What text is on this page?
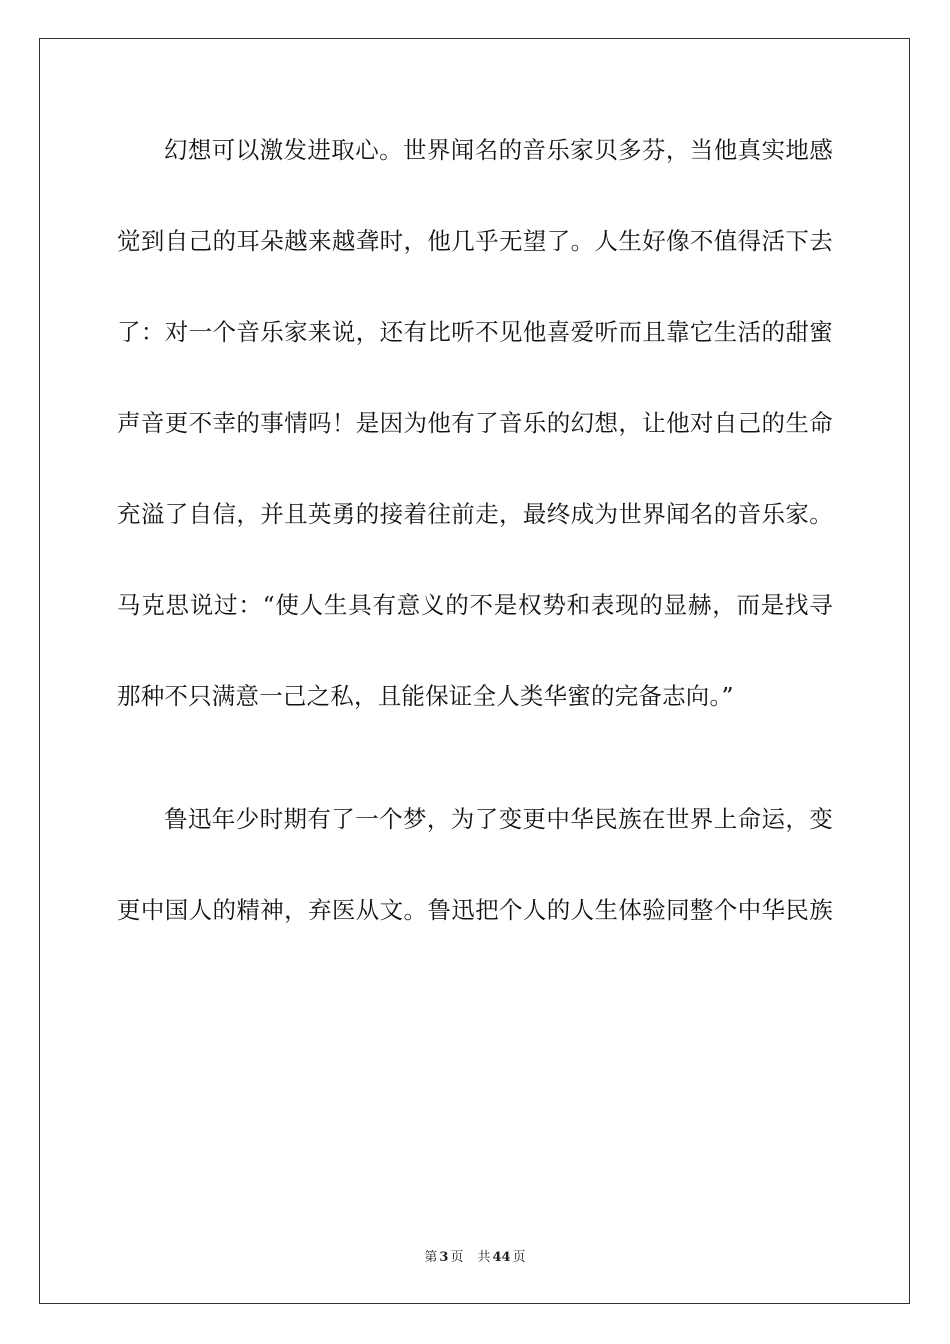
幻想可以激发进取心。世界闻名的音乐家贝多芬，当他真实地感
觉到自己的耳朵越来越聋时，他几乎无望了。人生好像不值得活下去
了：对一个音乐家来说，还有比听不见他喜爱听而且靠它生活的甜蜜
声音更不幸的事情吗！是因为他有了音乐的幻想，让他对自己的生命
充溢了自信，并且英勇的接着往前走，最终成为世界闻名的音乐家。
马克思说过：“使人生具有意义的不是权势和表现的显赫，而是找寻
那种不只满意一己之私，且能保证全人类华蜜的完备志向。”
鲁迅年少时期有了一个梦，为了变更中华民族在世界上命运，变
更中国人的精神，弃医从文。鲁迅把个人的人生体验同整个中华民族
第 3 页 共 44 页
